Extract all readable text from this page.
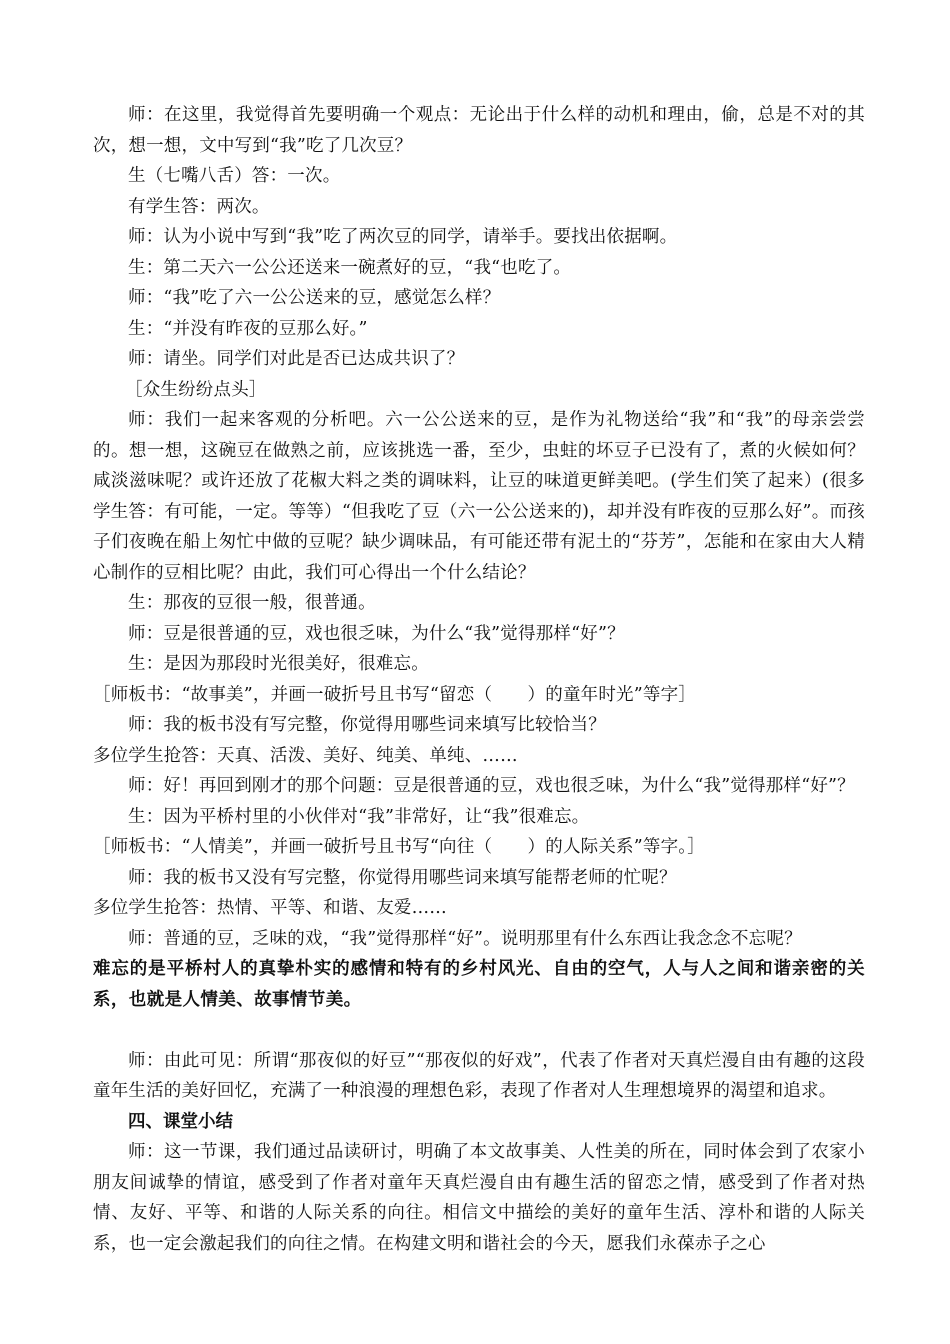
师：在这里，我觉得首先要明确一个观点：无论出于什么样的动机和理由，偷，总是不对的其次，想一想，文中写到“我”吃了几次豆？

生（七嘴八舌）答：一次。

有学生答：两次。

师：认为小说中写到“我”吃了两次豆的同学，请举手。要找出依据啊。

生：第二天六一公公还送来一碗煮好的豆，“我“也吃了。

师：“我”吃了六一公公送来的豆，感觉怎么样？

生：“并没有昨夜的豆那么好。”

师：请坐。同学们对此是否已达成共识了？

［众生纷纷点头］

师：我们一起来客观的分析吧。六一公公送来的豆，是作为礼物送给“我”和“我”的母亲尝尝的。想一想，这碗豆在做熟之前，应该挑选一番，至少，虫蛀的坏豆子已没有了，煮的火候如何？咸淡滋味呢？或许还放了花椒大料之类的调味料，让豆的味道更鲜美吧。(学生们笑了起来）(很多学生答：有可能，一定。等等）“但我吃了豆（六一公公送来的)，却并没有昨夜的豆那么好”。而孩子们夜晚在船上匆忙中做的豆呢？缺少调味品，有可能还带有泥土的“芬芳”，怎能和在家由大人精心制作的豆相比呢？由此，我们可心得出一个什么结论？

生：那夜的豆很一般，很普通。

师：豆是很普通的豆，戏也很乏味，为什么“我”觉得那样“好”？

生：是因为那段时光很美好，很难忘。

［师板书：“故事美”，并画一破折号且书写“留恋（　　）的童年时光”等字］

师：我的板书没有写完整，你觉得用哪些词来填写比较恰当？

多位学生抢答：天真、活泼、美好、纯美、单纯、……

师：好！再回到刚才的那个问题：豆是很普通的豆，戏也很乏味，为什么“我”觉得那样“好”？

生：因为平桥村里的小伙伴对“我”非常好，让“我”很难忘。

［师板书：“人情美”，并画一破折号且书写“向往（　　）的人际关系”等字。］

师：我的板书又没有写完整，你觉得用哪些词来填写能帮老师的忙呢？

多位学生抢答：热情、平等、和谐、友爱……

师：普通的豆，乏味的戏，“我”觉得那样“好”。说明那里有什么东西让我念念不忘呢？

难忘的是平桥村人的真挚朴实的感情和特有的乡村风光、自由的空气，人与人之间和谐亲密的关系，也就是人情美、故事情节美。

师：由此可见：所谓“那夜似的好豆”“那夜似的好戏”，代表了作者对天真烂漫自由有趣的这段童年生活的美好回忆，充满了一种浪漫的理想色彩，表现了作者对人生理想境界的渴望和追求。

四、课堂小结

师：这一节课，我们通过品读研讨，明确了本文故事美、人性美的所在，同时体会到了农家小朋友间诚挚的情谊，感受到了作者对童年天真烂漫自由有趣生活的留恋之情，感受到了作者对热情、友好、平等、和谐的人际关系的向往。相信文中描绘的美好的童年生活、淳朴和谐的人际关系，也一定会激起我们的向往之情。在构建文明和谐社会的今天，愿我们永葆赤子之心
